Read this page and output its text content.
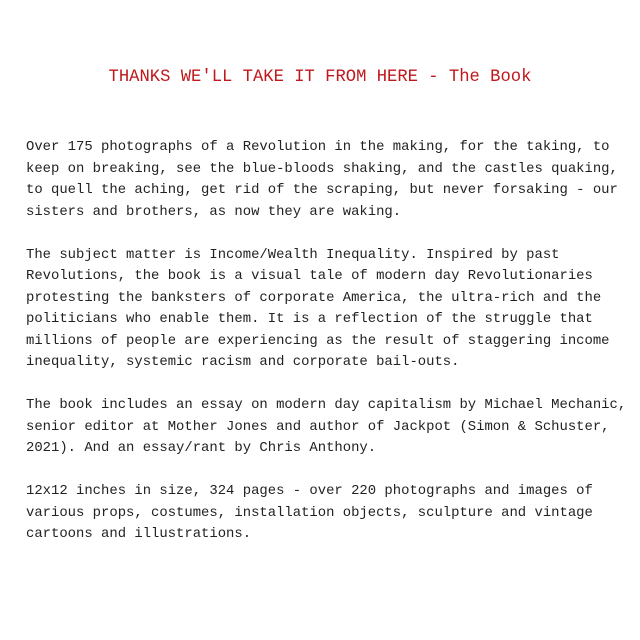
THANKS WE'LL TAKE IT FROM HERE - The Book

Over 175 photographs of a Revolution in the making, for the taking, to
keep on breaking, see the blue-bloods shaking, and the castles quaking,
to quell the aching, get rid of the scraping, but never forsaking - our
sisters and brothers, as now they are waking.

The subject matter is Income/Wealth Inequality. Inspired by past
Revolutions, the book is a visual tale of modern day Revolutionaries
protesting the banksters of corporate America, the ultra-rich and the
politicians who enable them. It is a reflection of the struggle that
millions of people are experiencing as the result of staggering income
inequality, systemic racism and corporate bail-outs.

The book includes an essay on modern day capitalism by Michael Mechanic,
senior editor at Mother Jones and author of Jackpot (Simon & Schuster,
2021). And an essay/rant by Chris Anthony.

12x12 inches in size, 324 pages - over 220 photographs and images of
various props, costumes, installation objects, sculpture and vintage
cartoons and illustrations.
